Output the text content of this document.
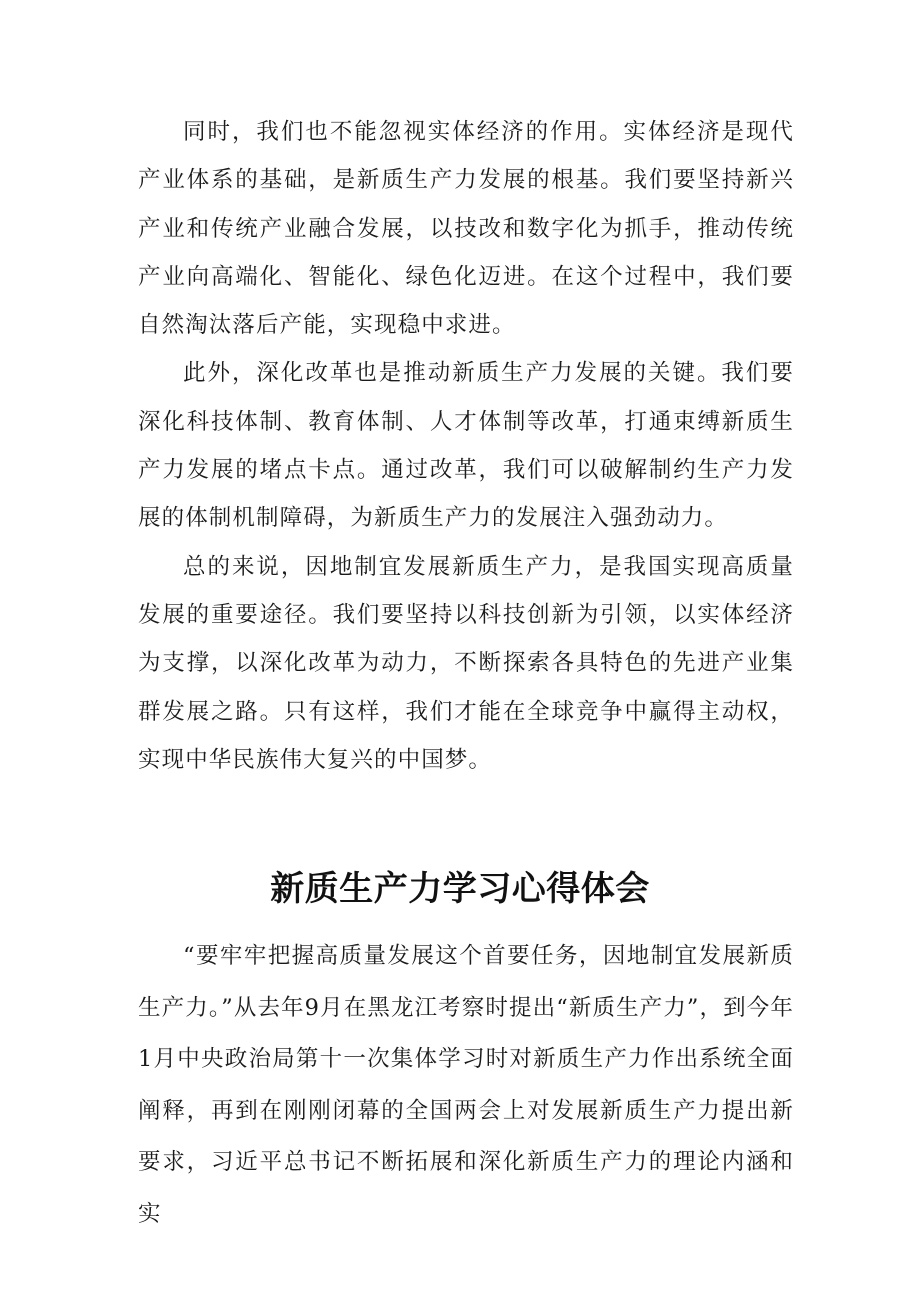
同时，我们也不能忽视实体经济的作用。实体经济是现代产业体系的基础，是新质生产力发展的根基。我们要坚持新兴产业和传统产业融合发展，以技改和数字化为抓手，推动传统产业向高端化、智能化、绿色化迈进。在这个过程中，我们要自然淘汰落后产能，实现稳中求进。

此外，深化改革也是推动新质生产力发展的关键。我们要深化科技体制、教育体制、人才体制等改革，打通束缚新质生产力发展的堵点卡点。通过改革，我们可以破解制约生产力发展的体制机制障碍，为新质生产力的发展注入强劲动力。

总的来说，因地制宜发展新质生产力，是我国实现高质量发展的重要途径。我们要坚持以科技创新为引领，以实体经济为支撑，以深化改革为动力，不断探索各具特色的先进产业集群发展之路。只有这样，我们才能在全球竞争中赢得主动权，实现中华民族伟大复兴的中国梦。

新质生产力学习心得体会

“要牢牢把握高质量发展这个首要任务，因地制宜发展新质生产力。”从去年9月在黑龙江考察时提出“新质生产力”，到今年1月中央政治局第十一次集体学习时对新质生产力作出系统全面阐释，再到在刚刚闭幕的全国两会上对发展新质生产力提出新要求，习近平总书记不断拓展和深化新质生产力的理论内涵和实
